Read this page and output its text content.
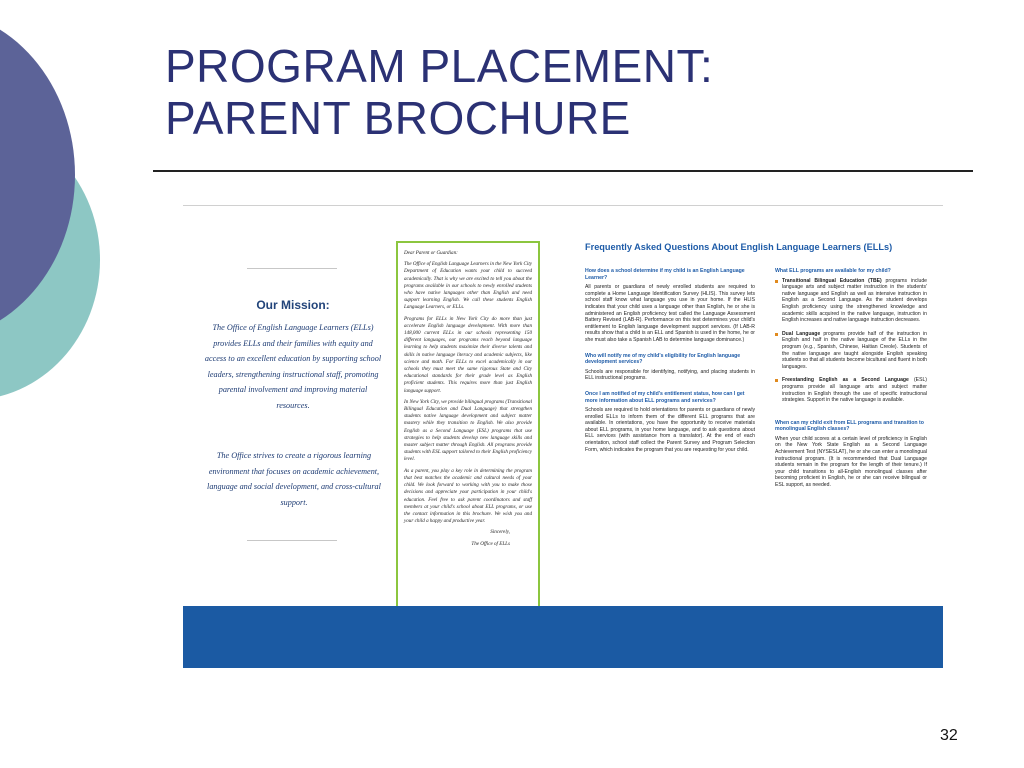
PROGRAM PLACEMENT:
PARENT BROCHURE
Our Mission:

The Office of English Language Learners (ELLs) provides ELLs and their families with equity and access to an excellent education by supporting school leaders, strengthening instructional staff, promoting parental involvement and improving material resources.

The Office strives to create a rigorous learning environment that focuses on academic achievement, language and social development, and cross-cultural support.

Dear Parent or Guardian:

The Office of English Language Learners in the New York City Department of Education wants your child to succeed academically. That is why we are excited to tell you about the programs available in our schools to newly enrolled students who have native languages other than English and need support learning English. We call these students English Language Learners, or ELLs.

Programs for ELLs in New York City do more than just accelerate English language development. With more than 148,000 current ELLs in our schools representing 150 different languages, our programs reach beyond language learning to help students maximize their diverse talents and skills in native language literacy and academic subjects, like science and math. For ELLs to excel academically in our schools they must meet the same rigorous State and City educational standards for their grade level as English proficient students. This requires more than just English language support.

In New York City, we provide bilingual programs (Transitional Bilingual Education and Dual Language) that strengthen students native language development and subject matter mastery while they transition to English. We also provide English as a Second Language (ESL) programs that use strategies to help students develop new language skills and master subject matter through English. All programs provide students with ESL support tailored to their English proficiency level.

As a parent, you play a key role in determining the program that best matches the academic and cultural needs of your child. We look forward to working with you to make those decisions and appreciate your participation in your child's education. Feel free to ask parent coordinators and staff members at your child's school about ELL programs, or use the contact information in this brochure. We wish you and your child a happy and productive year.

Sincerely,

The Office of ELLs

Frequently Asked Questions About English Language Learners (ELLs)

How does a school determine if my child is an English Language Learner?

All parents or guardians of newly enrolled students are required to complete a Home Language Identification Survey (HLIS). This survey lets school staff know what language you use in your home. If the HLIS indicates that your child uses a language other than English, he or she is administered an English proficiency test called the Language Assessment Battery Revised (LAB-R). Performance on this test determines your child's entitlement to English language development support services. (If LAB-R results show that a child is an ELL and Spanish is used in the home, he or she must also take a Spanish LAB to determine language dominance.)

Who will notify me of my child's eligibility for English language development services?

Schools are responsible for identifying, notifying, and placing students in ELL instructional programs.

Once I am notified of my child's entitlement status, how can I get more information about ELL programs and services?

Schools are required to hold orientations for parents or guardians of newly enrolled ELLs to inform them of the different ELL programs that are available. In orientations, you have the opportunity to receive materials about ELL programs, in your home language, and to ask questions about ELL services (with assistance from a translator). At the end of each orientation, school staff collect the Parent Survey and Program Selection Form, which indicates the program that you are requesting for your child.

What ELL programs are available for my child?

Transitional Bilingual Education (TBE) programs include language arts and subject matter instruction in the students' native language and English as well as intensive instruction in English as a Second Language. As the student develops English proficiency using the strengthened knowledge and academic skills acquired in the native language, instruction in English increases and native language instruction decreases.

Dual Language programs provide half of the instruction in English and half in the native language of the ELLs in the program (e.g., Spanish, Chinese, Haitian Creole). Students of the native language are taught alongside English speaking students so that all students become bicultural and fluent in both languages.

Freestanding English as a Second Language (ESL) programs provide all language arts and subject matter instruction in English through the use of specific instructional strategies. Support in the native language is available.

When can my child exit from ELL programs and transition to monolingual English classes?

When your child scores at a certain level of proficiency in English on the New York State English as a Second Language Achievement Test (NYSESLAT), he or she can enter a monolingual instructional program. (It is recommended that Dual Language students remain in the program for the length of their tenure.) If your child transitions to all-English monolingual classes after becoming proficient in English, he or she can receive bilingual or ESL support, as needed.

32
